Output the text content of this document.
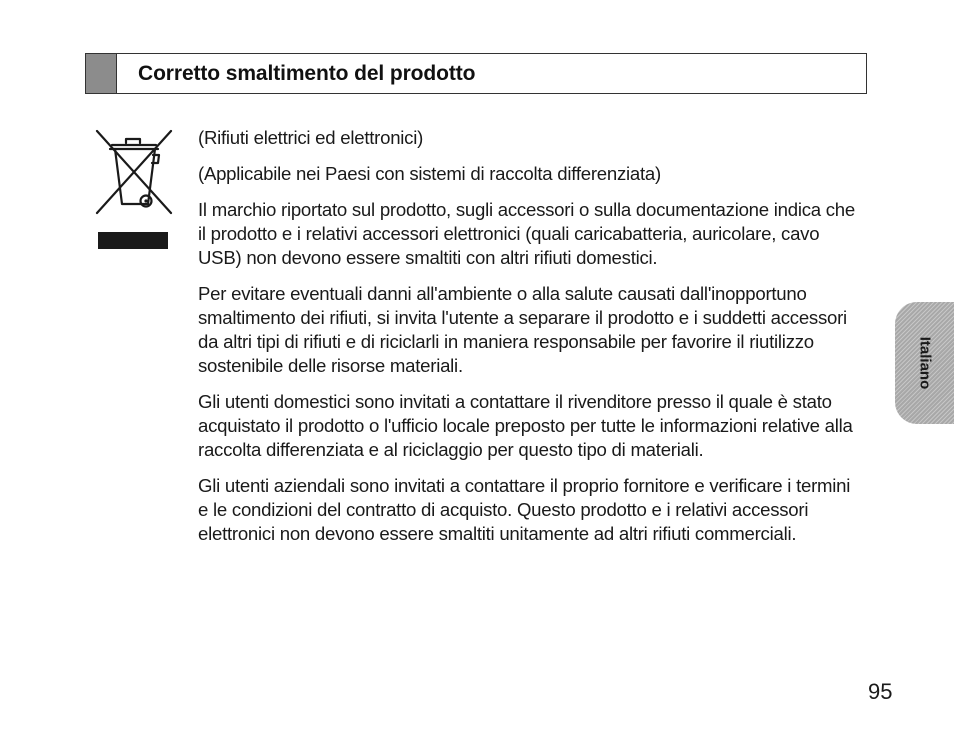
Corretto smaltimento del prodotto

(Rifiuti elettrici ed elettronici)

(Applicabile nei Paesi con sistemi di raccolta differenziata)

Il marchio riportato sul prodotto, sugli accessori o sulla documentazione indica che il prodotto e i relativi accessori elettronici (quali caricabatteria, auricolare, cavo USB) non devono essere smaltiti con altri rifiuti domestici.

Per evitare eventuali danni all'ambiente o alla salute causati dall'inopportuno smaltimento dei rifiuti, si invita l'utente a separare il prodotto e i suddetti accessori da altri tipi di rifiuti e di riciclarli in maniera responsabile per favorire il riutilizzo sostenibile delle risorse materiali.

Gli utenti domestici sono invitati a contattare il rivenditore presso il quale è stato acquistato il prodotto o l'ufficio locale preposto per tutte le informazioni relative alla raccolta differenziata e al riciclaggio per questo tipo di materiali.

Gli utenti aziendali sono invitati a contattare il proprio fornitore e verificare i termini e le condizioni del contratto di acquisto. Questo prodotto e i relativi accessori elettronici non devono essere smaltiti unitamente ad altri rifiuti commerciali.

Italiano
95
